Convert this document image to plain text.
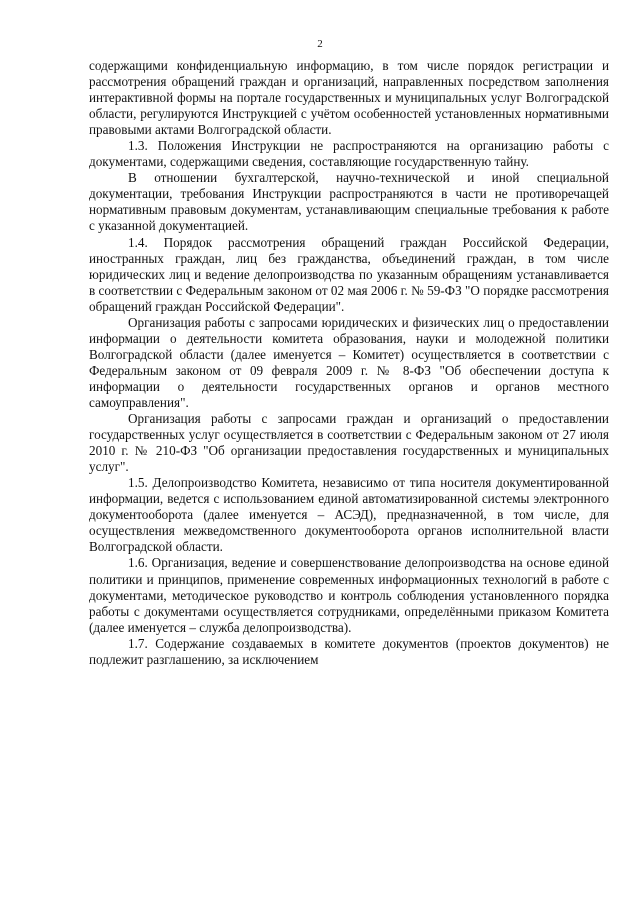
2

содержащими конфиденциальную информацию, в том числе порядок регистрации и рассмотрения обращений граждан и организаций, направленных посредством заполнения интерактивной формы на портале государственных и муниципальных услуг Волгоградской области, регулируются Инструкцией с учётом особенностей установленных нормативными правовыми актами Волгоградской области.

1.3. Положения Инструкции не распространяются на организацию работы с документами, содержащими сведения, составляющие государственную тайну.

В отношении бухгалтерской, научно-технической и иной специальной документации, требования Инструкции распространяются в части не противоречащей нормативным правовым документам, устанавливающим специальные требования к работе с указанной документацией.

1.4. Порядок рассмотрения обращений граждан Российской Федерации, иностранных граждан, лиц без гражданства, объединений граждан, в том числе юридических лиц и ведение делопроизводства по указанным обращениям устанавливается в соответствии с Федеральным законом от 02 мая 2006 г. № 59-ФЗ "О порядке рассмотрения обращений граждан Российской Федерации".

Организация работы с запросами юридических и физических лиц о предоставлении информации о деятельности комитета образования, науки и молодежной политики Волгоградской области (далее именуется – Комитет) осуществляется в соответствии с Федеральным законом от 09 февраля 2009 г. № 8-ФЗ "Об обеспечении доступа к информации о деятельности государственных органов и органов местного самоуправления".

Организация работы с запросами граждан и организаций о предоставлении государственных услуг осуществляется в соответствии с Федеральным законом от 27 июля 2010 г. № 210-ФЗ "Об организации предоставления государственных и муниципальных услуг".

1.5. Делопроизводство Комитета, независимо от типа носителя документированной информации, ведется с использованием единой автоматизированной системы электронного документооборота (далее именуется – АСЭД), предназначенной, в том числе, для осуществления межведомственного документооборота органов исполнительной власти Волгоградской области.

1.6. Организация, ведение и совершенствование делопроизводства на основе единой политики и принципов, применение современных информационных технологий в работе с документами, методическое руководство и контроль соблюдения установленного порядка работы с документами осуществляется сотрудниками, определёнными приказом Комитета (далее именуется – служба делопроизводства).

1.7. Содержание создаваемых в комитете документов (проектов документов) не подлежит разглашению, за исключением
